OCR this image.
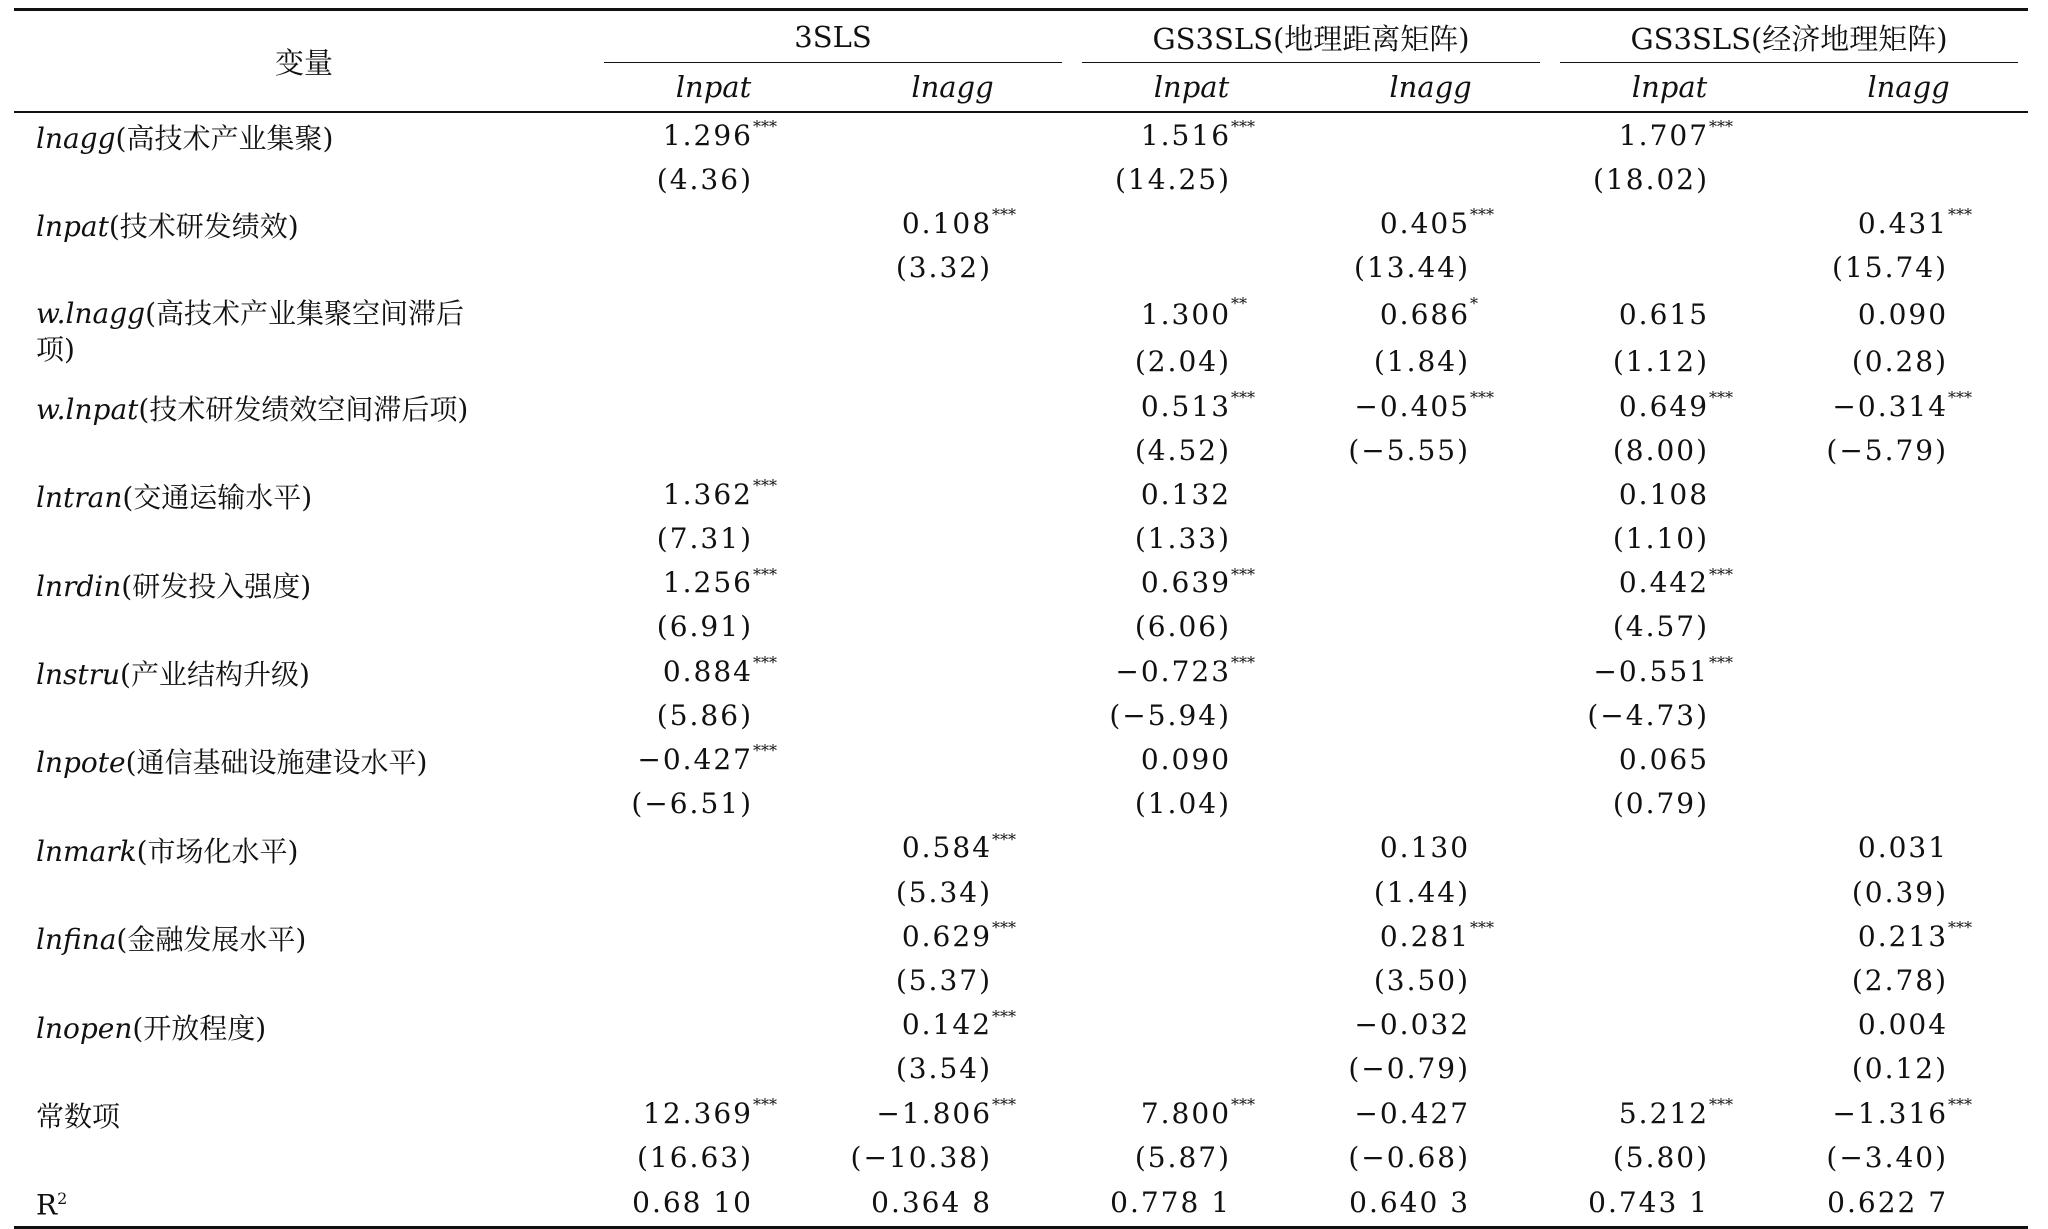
变量	3SLS		GS3SLS(地理距离矩阵)		GS3SLS(经济地理矩阵)	

	lnpat	lnagg	lnpat	lnagg	lnpat	lnagg
lnagg(高技术产业集聚)	1.296 ***		1.516 ***		1.707 ***	

	(4.36)		(14.25)		(18.02)	
lnpat(技术研发绩效)		0.108 ***		0.405 ***		0.431 ***

		(3.32)		(13.44)		(15.74)
w.lnagg(高技术产业集聚空间滞后项)			1.300 **	0.686 *	0.615	0.090

			(2.04)	(1.84)	(1.12)	(0.28)
w.lnpat(技术研发绩效空间滞后项)			0.513 ***	−0.405 ***	0.649 ***	−0.314 ***

			(4.52)	(−5.55)	(8.00)	(−5.79)
lntran(交通运输水平)	1.362 ***		0.132		0.108

	(7.31)		(1.33)		(1.10)	
lnrdin(研发投入强度)	1.256 ***		0.639 ***		0.442 ***	

	(6.91)		(6.06)		(4.57)	
lnstru(产业结构升级)	0.884 ***		−0.723 ***		−0.551 ***	

	(5.86)		(−5.94)		(−4.73)	
lnpote(通信基础设施建设水平)	−0.427 ***		0.090		0.065

	(−6.51)		(1.04)		(0.79)	
lnmark(市场化水平)		0.584 ***		0.130		0.031

		(5.34)		(1.44)		(0.39)
lnfina(金融发展水平)		0.629 ***		0.281 ***		0.213 ***

		(5.37)		(3.50)		(2.78)
lnopen(开放程度)		0.142 ***		−0.032		0.004

		(3.54)		(−0.79)		(0.12)
常数项	12.369 ***	−1.806 ***	7.800 ***	−0.427	5.212 ***	−1.316 ***

	(16.63)	(−10.38)	(5.87)	(−0.68)	(5.80)	(−3.40)
$R^2$	0.68 10	0.364 8	0.778 1	0.640 3	0.743 1	0.622 7
